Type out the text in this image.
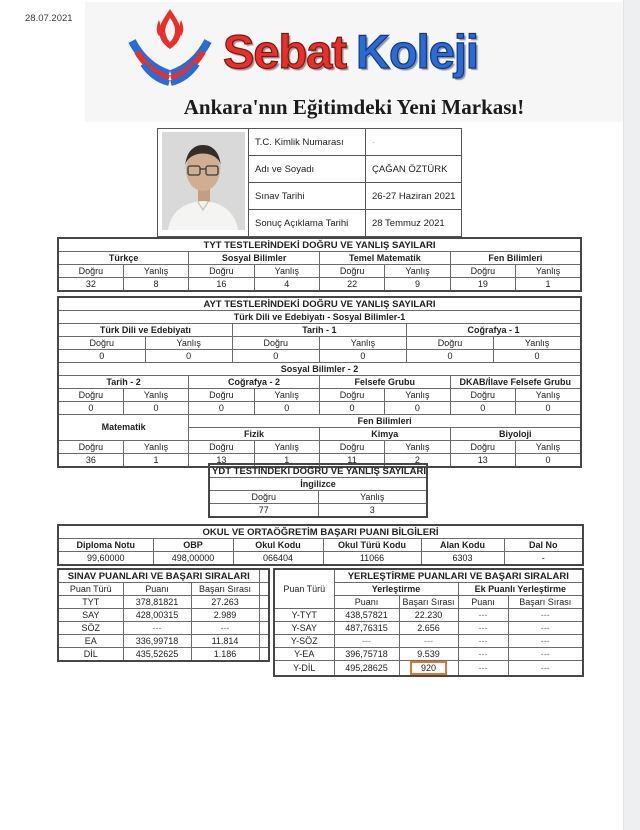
28.07.2021
Sebat Koleji
Ankara'nın Eğitimdeki Yeni Markası!
	T.C. Kimlik Numarası	·
	Adı ve Soyadı	ÇAĞAN ÖZTÜRK
	Sınav Tarihi	26-27 Haziran 2021
	Sonuç Açıklama Tarihi	28 Temmuz 2021
TYT TESTLERİNDEKİ DOĞRU VE YANLIŞ SAYILARI							
Türkçe		Sosyal Bilimler		Temel Matematik		Fen Bilimleri	
Doğru	Yanlış	Doğru	Yanlış	Doğru	Yanlış	Doğru	Yanlış
32	8	16	4	22	9	19	1
AYT TESTLERİNDEKİ DOĞRU VE YANLIŞ SAYILARI											
Türk Dili ve Edebiyatı - Sosyal Bilimler-1											
Türk Dili ve Edebiyatı				Tarih - 1				Coğrafya - 1			
Doğru		Yanlış		Doğru		Yanlış		Doğru		Yanlış	
0		0		0		0		0		0	
Sosyal Bilimler - 2											
Tarih - 2			Coğrafya - 2			Felsefe Grubu			DKAB/İlave Felsefe Grubu		
Doğru	Yanlış		Doğru		Yanlış	Doğru	Yanlış		Doğru		Yanlış
0	0		0		0	0	0		0		0
Matematik			Fen Bilimleri								
			Fizik			Kimya			Biyoloji		
Doğru	Yanlış		Doğru		Yanlış	Doğru	Yanlış		Doğru		Yanlış
36	1		13		1	11	2		13		0
YDT TESTİNDEKİ DOĞRU VE YANLIŞ SAYILARI	
İngilizce	
Doğru	Yanlış
77	3
OKUL VE ORTAÖĞRETİM BAŞARI PUANI BİLGİLERİ					
Diploma Notu	OBP	Okul Kodu	Okul Türü Kodu	Alan Kodu	Dal No
99,60000	498,00000	066404	11066	6303	-
SINAV PUANLARI VE BAŞARI SIRALARI			
Puan Türü	Puanı	Başarı Sırası	
TYT	378,81821	27.263	
SAY	428,00315	2.989	
SÖZ	---	---	
EA	336,99718	11.814	
DİL	435,52625	1.186	
Puan Türü	YERLEŞTİRME PUANLARI VE BAŞARI SIRALARI			
	Yerleştirme		Ek Puanlı Yerleştirme	
	Puanı	Başarı Sırası	Puanı	Başarı Sırası
Y-TYT	438,57821	22.230	---	---
Y-SAY	487,76315	2.656	---	---
Y-SÖZ	---	---	---	---
Y-EA	396,75718	9.539	---	---
Y-DİL	495,28625	920	---	---
